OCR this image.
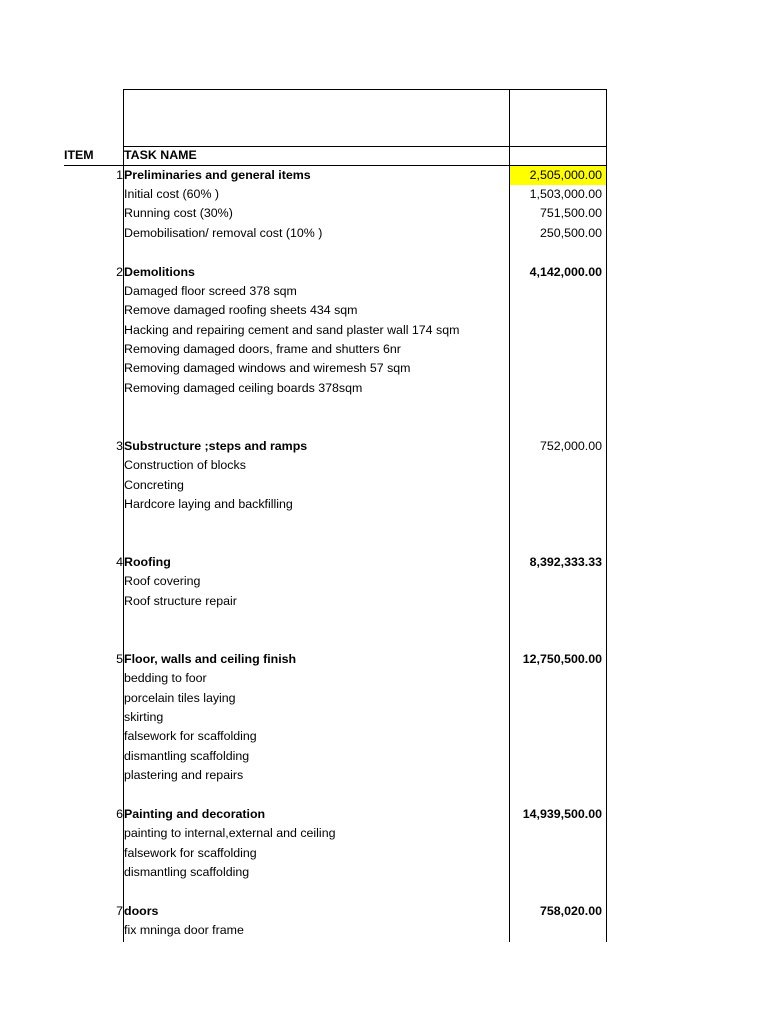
ITEM TASK NAME
1 Preliminaries and general items	2,505,000.00
Initial cost (60% )	1,503,000.00
Running cost (30%)	751,500.00
Demobilisation/ removal cost (10% )	250,500.00
2 Demolitions	4,142,000.00
Damaged floor screed 378 sqm
Remove damaged roofing sheets 434 sqm
Hacking and repairing cement and sand plaster wall 174 sqm
Removing damaged doors, frame and shutters 6nr
Removing damaged windows and wiremesh 57 sqm
Removing damaged ceiling boards 378sqm
3 Substructure ;steps and ramps	752,000.00
Construction of blocks
Concreting
Hardcore laying and backfilling
4 Roofing	8,392,333.33
Roof covering
Roof structure repair
5 Floor, walls and ceiling finish	12,750,500.00
bedding to foor
porcelain tiles laying
skirting
falsework for scaffolding
dismantling scaffolding
plastering and repairs
6 Painting and decoration	14,939,500.00
painting to internal,external and ceiling
falsework for scaffolding
dismantling scaffolding
7 doors	758,020.00
fix mninga door frame
